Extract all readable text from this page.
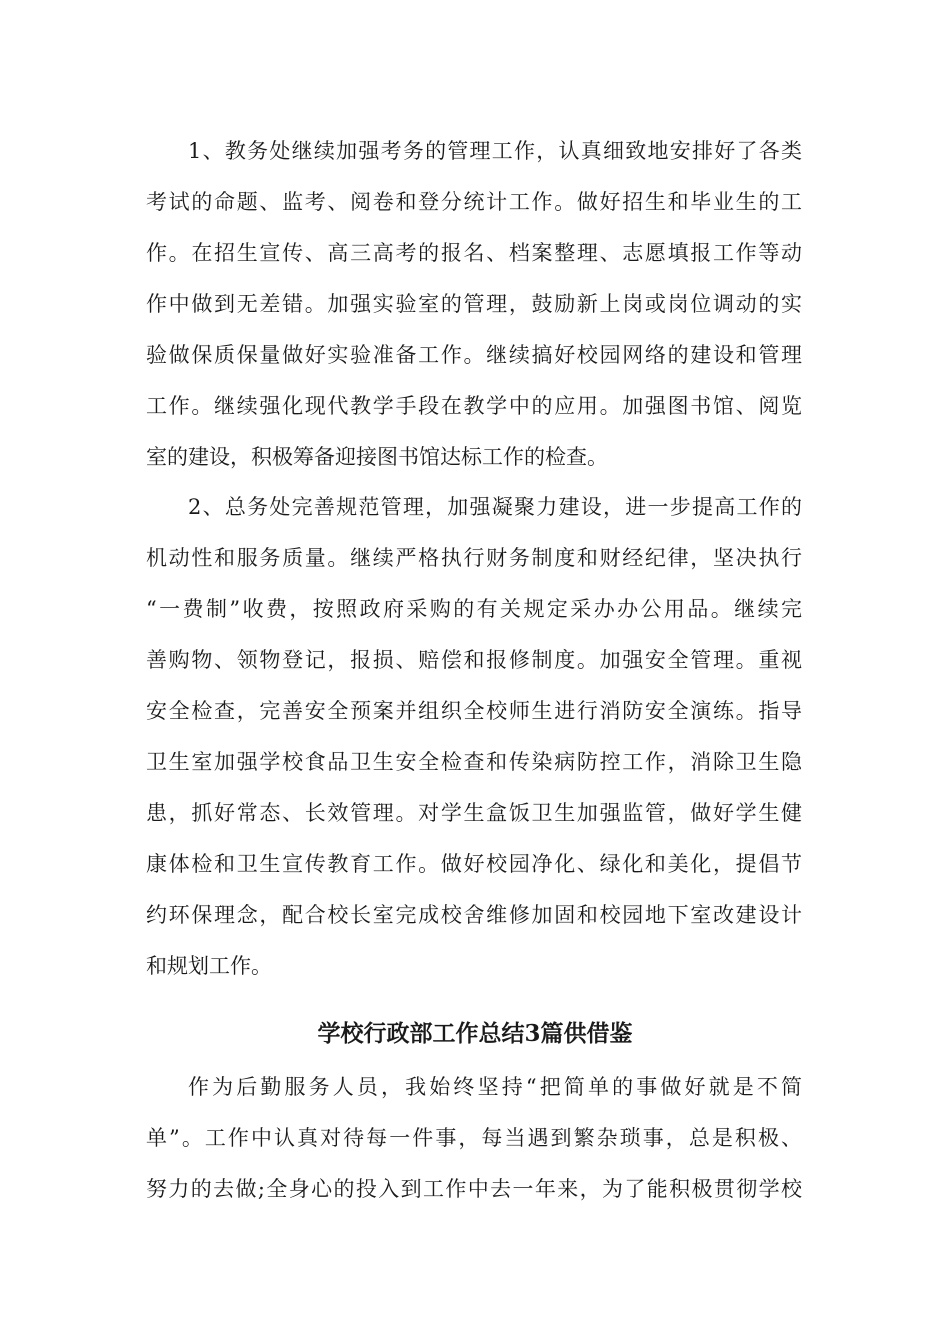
1、教务处继续加强考务的管理工作，认真细致地安排好了各类
考试的命题、监考、阅卷和登分统计工作。做好招生和毕业生的工
作。在招生宣传、高三高考的报名、档案整理、志愿填报工作等动
作中做到无差错。加强实验室的管理，鼓励新上岗或岗位调动的实
验做保质保量做好实验准备工作。继续搞好校园网络的建设和管理
工作。继续强化现代教学手段在教学中的应用。加强图书馆、阅览
室的建设，积极筹备迎接图书馆达标工作的检查。
2、总务处完善规范管理，加强凝聚力建设，进一步提高工作的
机动性和服务质量。继续严格执行财务制度和财经纪律，坚决执行
“一费制”收费，按照政府采购的有关规定采办办公用品。继续完
善购物、领物登记，报损、赔偿和报修制度。加强安全管理。重视
安全检查，完善安全预案并组织全校师生进行消防安全演练。指导
卫生室加强学校食品卫生安全检查和传染病防控工作，消除卫生隐
患，抓好常态、长效管理。对学生盒饭卫生加强监管，做好学生健
康体检和卫生宣传教育工作。做好校园净化、绿化和美化，提倡节
约环保理念，配合校长室完成校舍维修加固和校园地下室改建设计
和规划工作。
学校行政部工作总结3篇供借鉴
作为后勤服务人员，我始终坚持“把简单的事做好就是不简
单”。工作中认真对待每一件事，每当遇到繁杂琐事，总是积极、
努力的去做;全身心的投入到工作中去一年来，为了能积极贯彻学校
